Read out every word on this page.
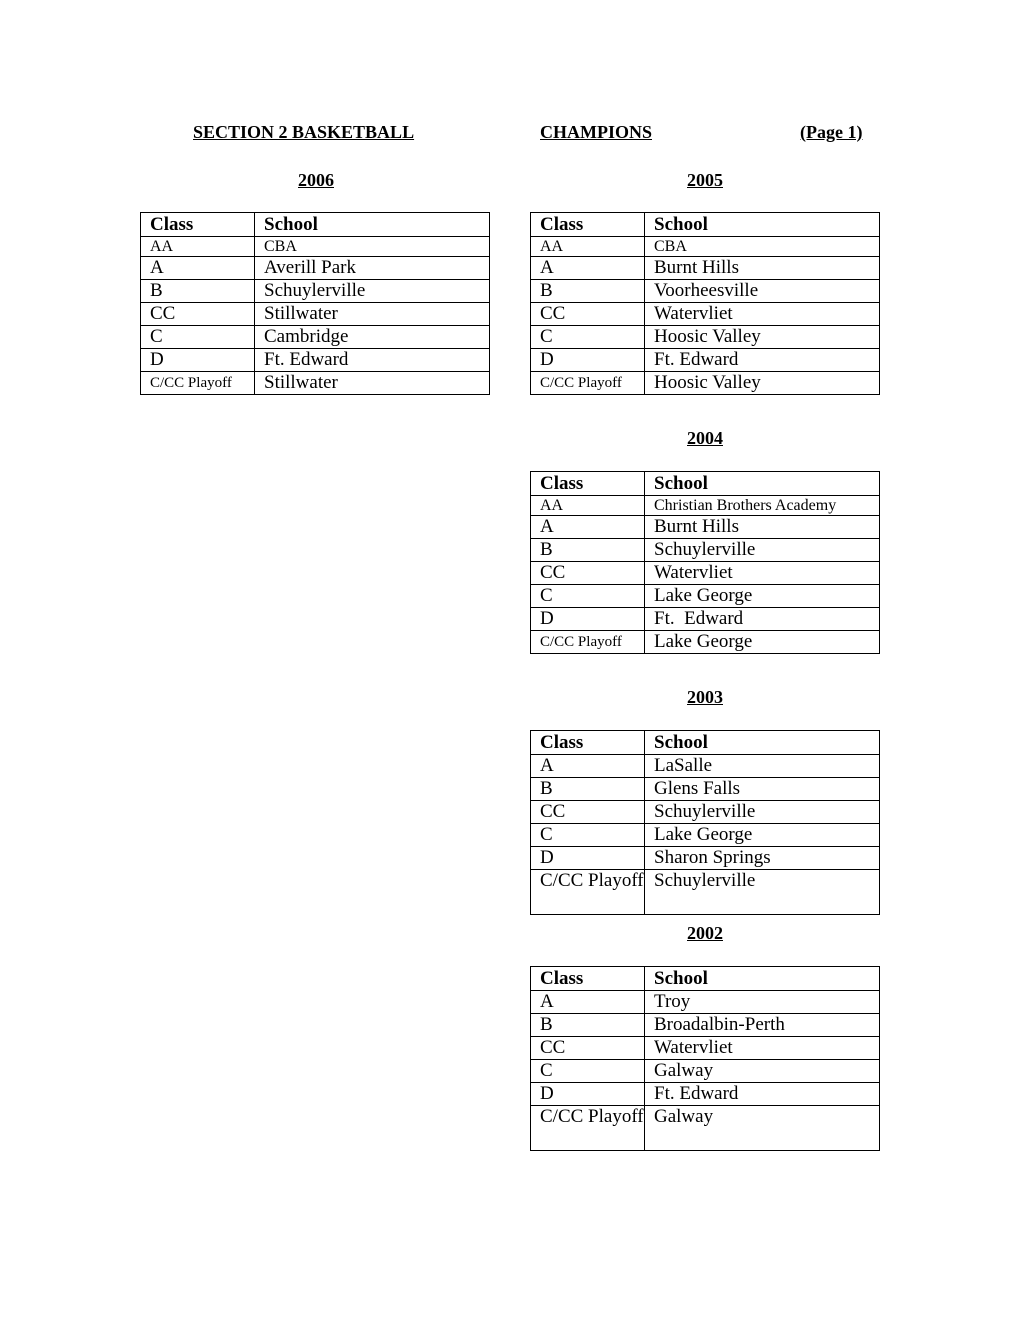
SECTION 2 BASKETBALL	CHAMPIONS	(Page 1)
2006
Class	School
AA	CBA
A	Averill Park
B	Schuylerville
CC	Stillwater
C	Cambridge
D	Ft. Edward
C/CC Playoff	Stillwater
2005
Class	School
AA	CBA
A	Burnt Hills
B	Voorheesville
CC	Watervliet
C	Hoosic Valley
D	Ft. Edward
C/CC Playoff	Hoosic Valley
2004
Class	School
AA	Christian Brothers Academy
A	Burnt Hills
B	Schuylerville
CC	Watervliet
C	Lake George
D	Ft.  Edward
C/CC Playoff	Lake George
2003
Class	School
A	LaSalle
B	Glens Falls
CC	Schuylerville
C	Lake George
D	Sharon Springs
C/CC Playoff	Schuylerville
2002
Class	School
A	Troy
B	Broadalbin-Perth
CC	Watervliet
C	Galway
D	Ft. Edward
C/CC Playoff	Galway
